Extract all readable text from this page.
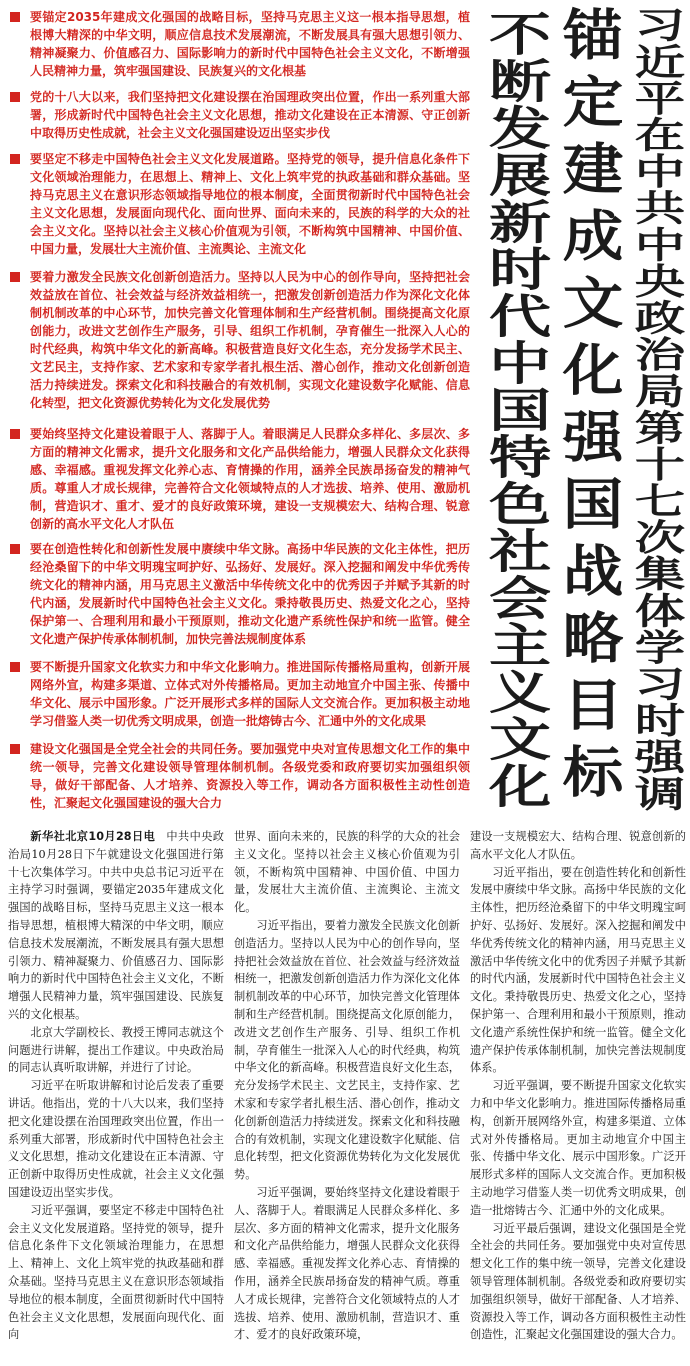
要锚定2035年建成文化强国的战略目标，坚持马克思主义这一根本指导思想，植根博大精深的中华文明，顺应信息技术发展潮流，不断发展具有强大思想引领力、精神凝聚力、价值感召力、国际影响力的新时代中国特色社会主义文化，不断增强人民精神力量，筑牢强国建设、民族复兴的文化根基
党的十八大以来，我们坚持把文化建设摆在治国理政突出位置，作出一系列重大部署，形成新时代中国特色社会主义文化思想，推动文化建设在正本清源、守正创新中取得历史性成就，社会主义文化强国建设迈出坚实步伐
要坚定不移走中国特色社会主义文化发展道路。坚持党的领导，提升信息化条件下文化领域治理能力，在思想上、精神上、文化上筑牢党的执政基础和群众基础。坚持马克思主义在意识形态领域指导地位的根本制度，全面贯彻新时代中国特色社会主义文化思想，发展面向现代化、面向世界、面向未来的，民族的科学的大众的社会主义文化。坚持以社会主义核心价值观为引领，不断构筑中国精神、中国价值、中国力量，发展壮大主流价值、主流舆论、主流文化
要着力激发全民族文化创新创造活力。坚持以人民为中心的创作导向，坚持把社会效益放在首位、社会效益与经济效益相统一，把激发创新创造活力作为深化文化体制机制改革的中心环节，加快完善文化管理体制和生产经营机制。围绕提高文化原创能力，改进文艺创作生产服务，引导、组织工作机制，孕育催生一批深入人心的时代经典，构筑中华文化的新高峰。积极营造良好文化生态，充分发扬学术民主、文艺民主，支持作家、艺术家和专家学者扎根生活、潜心创作，推动文化创新创造活力持续迸发。探索文化和科技融合的有效机制，实现文化建设数字化赋能、信息化转型，把文化资源优势转化为文化发展优势
要始终坚持文化建设着眼于人、落脚于人。着眼满足人民群众多样化、多层次、多方面的精神文化需求，提升文化服务和文化产品供给能力，增强人民群众文化获得感、幸福感。重视发挥文化养心志、育情操的作用，涵养全民族昂扬奋发的精神气质。尊重人才成长规律，完善符合文化领域特点的人才选拔、培养、使用、激励机制，营造识才、重才、爱才的良好政策环境，建设一支规模宏大、结构合理、锐意创新的高水平文化人才队伍
要在创造性转化和创新性发展中赓续中华文脉。高扬中华民族的文化主体性，把历经沧桑留下的中华文明瑰宝呵护好、弘扬好、发展好。深入挖掘和阐发中华优秀传统文化的精神内涵，用马克思主义激活中华传统文化中的优秀因子并赋予其新的时代内涵，发展新时代中国特色社会主义文化。秉持敬畏历史、热爱文化之心，坚持保护第一、合理利用和最小干预原则，推动文化遗产系统性保护和统一监管。健全文化遗产保护传承体制机制，加快完善法规制度体系
要不断提升国家文化软实力和中华文化影响力。推进国际传播格局重构，创新开展网络外宣，构建多渠道、立体式对外传播格局。更加主动地宣介中国主张、传播中华文化、展示中国形象。广泛开展形式多样的国际人文交流合作。更加积极主动地学习借鉴人类一切优秀文明成果，创造一批熔铸古今、汇通中外的文化成果
建设文化强国是全党全社会的共同任务。要加强党中央对宣传思想文化工作的集中统一领导，完善文化建设领导管理体制机制。各级党委和政府要切实加强组织领导，做好干部配备、人才培养、资源投入等工作，调动各方面积极性主动性创造性，汇聚起文化强国建设的强大合力	习近平在中共中央政治局第十七次集体学习时强调
锚定建成文化强国战略目标
不断发展新时代中国特色社会主义文化

新华社北京10月28日电 中共中央政治局10月28日下午就建设文化强国进行第十七次集体学习。中共中央总书记习近平在主持学习时强调，要锚定2035年建成文化强国的战略目标，坚持马克思主义这一根本指导思想，植根博大精深的中华文明，顺应信息技术发展潮流，不断发展具有强大思想引领力、精神凝聚力、价值感召力、国际影响力的新时代中国特色社会主义文化，不断增强人民精神力量，筑牢强国建设、民族复兴的文化根基。

北京大学副校长、教授王博同志就这个问题进行讲解，提出工作建议。中央政治局的同志认真听取讲解，并进行了讨论。

习近平在听取讲解和讨论后发表了重要讲话。他指出，党的十八大以来，我们坚持把文化建设摆在治国理政突出位置，作出一系列重大部署，形成新时代中国特色社会主义文化思想，推动文化建设在正本清源、守正创新中取得历史性成就，社会主义文化强国建设迈出坚实步伐。

习近平强调，要坚定不移走中国特色社会主义文化发展道路。坚持党的领导，提升信息化条件下文化领域治理能力，在思想上、精神上、文化上筑牢党的执政基础和群众基础。坚持马克思主义在意识形态领域指导地位的根本制度，全面贯彻新时代中国特色社会主义文化思想，发展面向现代化、面向

世界、面向未来的，民族的科学的大众的社会主义文化。坚持以社会主义核心价值观为引领，不断构筑中国精神、中国价值、中国力量，发展壮大主流价值、主流舆论、主流文化。

习近平指出，要着力激发全民族文化创新创造活力。坚持以人民为中心的创作导向，坚持把社会效益放在首位、社会效益与经济效益相统一，把激发创新创造活力作为深化文化体制机制改革的中心环节，加快完善文化管理体制和生产经营机制。围绕提高文化原创能力，改进文艺创作生产服务、引导、组织工作机制，孕育催生一批深入人心的时代经典，构筑中华文化的新高峰。积极营造良好文化生态，充分发扬学术民主、文艺民主，支持作家、艺术家和专家学者扎根生活、潜心创作，推动文化创新创造活力持续迸发。探索文化和科技融合的有效机制，实现文化建设数字化赋能、信息化转型，把文化资源优势转化为文化发展优势。

习近平强调，要始终坚持文化建设着眼于人、落脚于人。着眼满足人民群众多样化、多层次、多方面的精神文化需求，提升文化服务和文化产品供给能力，增强人民群众文化获得感、幸福感。重视发挥文化养心志、育情操的作用，涵养全民族昂扬奋发的精神气质。尊重人才成长规律，完善符合文化领域特点的人才选拔、培养、使用、激励机制，营造识才、重才、爱才的良好政策环境，

建设一支规模宏大、结构合理、锐意创新的高水平文化人才队伍。

习近平指出，要在创造性转化和创新性发展中赓续中华文脉。高扬中华民族的文化主体性，把历经沧桑留下的中华文明瑰宝呵护好、弘扬好、发展好。深入挖掘和阐发中华优秀传统文化的精神内涵，用马克思主义激活中华传统文化中的优秀因子并赋予其新的时代内涵，发展新时代中国特色社会主义文化。秉持敬畏历史、热爱文化之心，坚持保护第一、合理利用和最小干预原则，推动文化遗产系统性保护和统一监管。健全文化遗产保护传承体制机制，加快完善法规制度体系。

习近平强调，要不断提升国家文化软实力和中华文化影响力。推进国际传播格局重构，创新开展网络外宣，构建多渠道、立体式对外传播格局。更加主动地宣介中国主张、传播中华文化、展示中国形象。广泛开展形式多样的国际人文交流合作。更加积极主动地学习借鉴人类一切优秀文明成果，创造一批熔铸古今、汇通中外的文化成果。

习近平最后强调，建设文化强国是全党全社会的共同任务。要加强党中央对宣传思想文化工作的集中统一领导，完善文化建设领导管理体制机制。各级党委和政府要切实加强组织领导，做好干部配备、人才培养、资源投入等工作，调动各方面积极性主动性创造性，汇聚起文化强国建设的强大合力。
